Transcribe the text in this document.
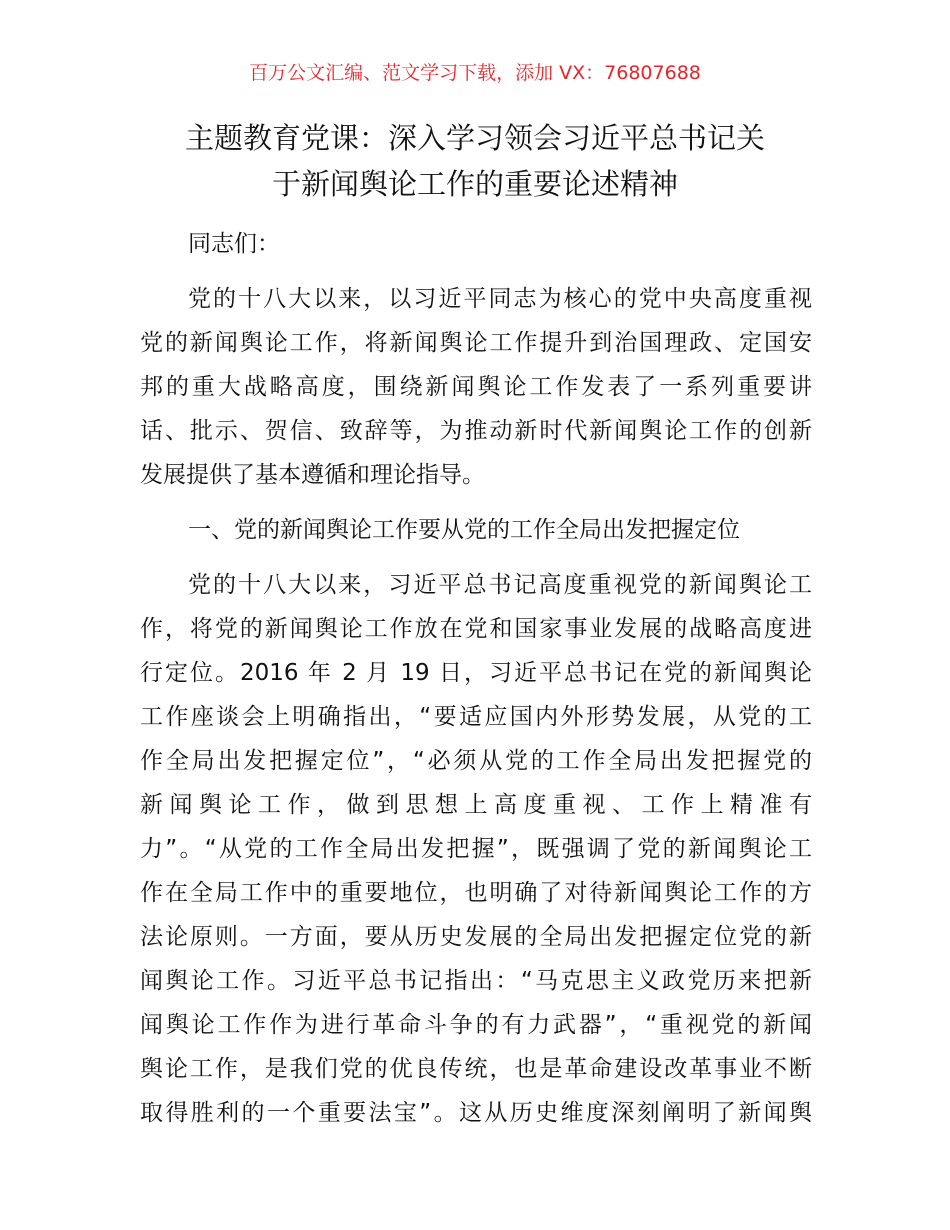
百万公文汇编、范文学习下载，添加 VX：76807688
主题教育党课：深入学习领会习近平总书记关
于新闻舆论工作的重要论述精神
同志们：
党的十八大以来，以习近平同志为核心的党中央高度重视
党的新闻舆论工作，将新闻舆论工作提升到治国理政、定国安
邦的重大战略高度，围绕新闻舆论工作发表了一系列重要讲
话、批示、贺信、致辞等，为推动新时代新闻舆论工作的创新
发展提供了基本遵循和理论指导。
一、党的新闻舆论工作要从党的工作全局出发把握定位
党的十八大以来，习近平总书记高度重视党的新闻舆论工
作，将党的新闻舆论工作放在党和国家事业发展的战略高度进
行定位。2016 年 2 月 19 日，习近平总书记在党的新闻舆论
工作座谈会上明确指出，“要适应国内外形势发展，从党的工
作全局出发把握定位”，“必须从党的工作全局出发把握党的
新闻舆论工作，做到思想上高度重视、工作上精准有
力”。“从党的工作全局出发把握”，既强调了党的新闻舆论工
作在全局工作中的重要地位，也明确了对待新闻舆论工作的方
法论原则。一方面，要从历史发展的全局出发把握定位党的新
闻舆论工作。习近平总书记指出：“马克思主义政党历来把新
闻舆论工作作为进行革命斗争的有力武器”，“重视党的新闻
舆论工作，是我们党的优良传统，也是革命建设改革事业不断
取得胜利的一个重要法宝”。这从历史维度深刻阐明了新闻舆
